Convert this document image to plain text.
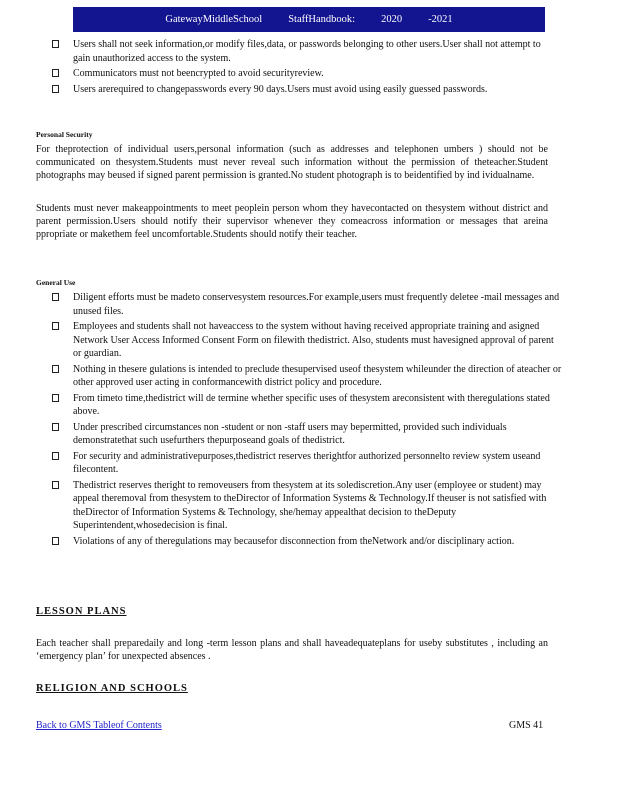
GatewayMiddleSchool StaffHandbook: 2020 -2021
Users shall not seek information,or modify files,data, or passwords belonging to other users.User shall not attempt to gain unauthorized access to the system.
Communicators must not beencrypted to avoid securityreview.
Users arerequired to changepasswords every 90 days.Users must avoid using easily guessed passwords.
Personal Security

For theprotection of individual users,personal information (such as addresses and telephonen umbers ) should not be communicated on thesystem.Students must never reveal such information without the permission of theteacher.Student photographs may beused if signed parent permission is granted.No student photograph is to beidentified by ind ividualname.

Students must never makeappointments to meet peoplein person whom they havecontacted on thesystem without district and parent permission.Users should notify their supervisor whenever they comeacross information or messages that areina ppropriate or makethem feel uncomfortable.Students should notify their teacher.

General Use
Diligent efforts must be madeto conservesystem resources.For example,users must frequently deletee -mail messages and unused files.
Employees and students shall not haveaccess to the system without having received appropriate training and asigned Network User Access Informed Consent Form on filewith thedistrict. Also, students must havesigned approval of parent or guardian.
Nothing in thesere gulations is intended to preclude thesupervised useof thesystem whileunder the direction of ateacher or other approved user acting in conformancewith district policy and procedure.
From timeto time,thedistrict will de termine whether specific uses of thesystem areconsistent with theregulations stated above.
Under prescribed circumstances non -student or non -staff users may bepermitted, provided such individuals demonstratethat such usefurthers thepurposeand goals of thedistrict.
For security and administrativepurposes,thedistrict reserves therightfor authorized personnelto review system useand filecontent.
Thedistrict reserves theright to removeusers from thesystem at its solediscretion.Any user (employee or student) may appeal theremoval from thesystem to theDirector of Information Systems & Technology.If theuser is not satisfied with theDirector of Information Systems & Technology, she/hemay appealthat decision to theDeputy Superintendent,whosedecision is final.
Violations of any of theregulations may becausefor disconnection from theNetwork and/or disciplinary action.
LESSON PLANS

Each teacher shall preparedaily and long -term lesson plans and shall haveadequateplans for useby substitutes , including an ‘emergency plan’ for unexpected absences .

RELIGION AND SCHOOLS
Back to GMS Tableof Contents	GMS 41
